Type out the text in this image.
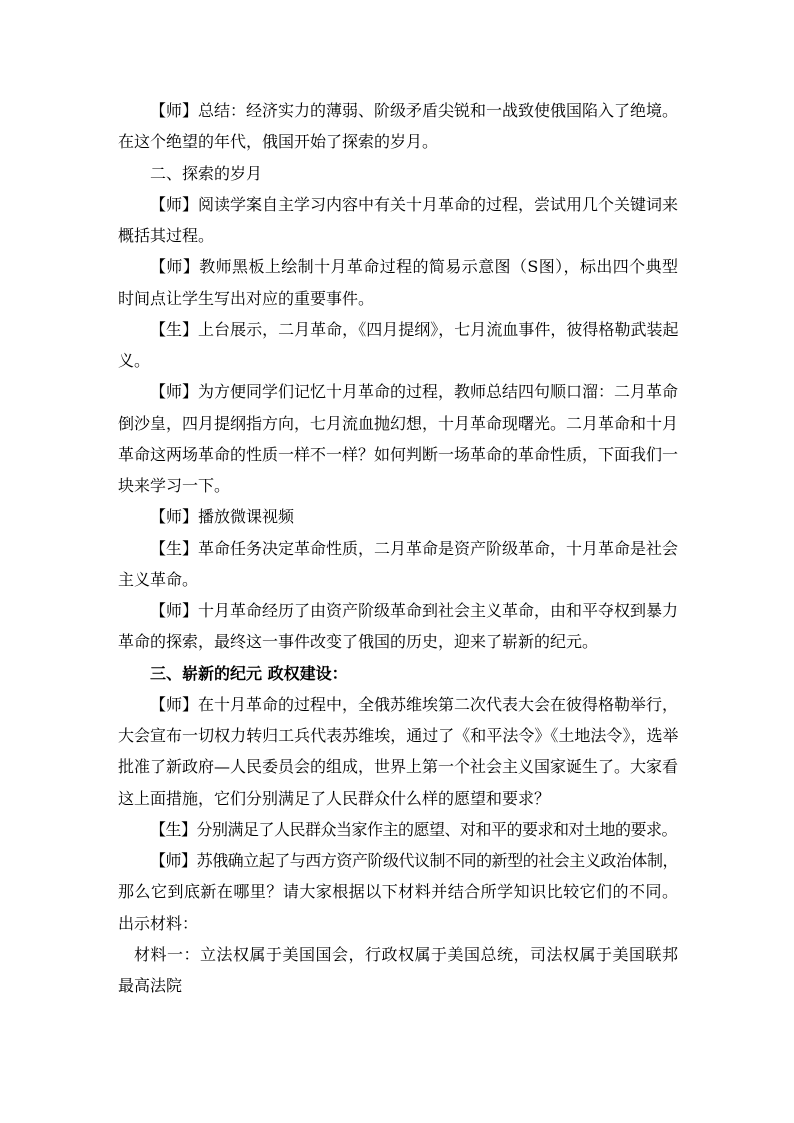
【师】总结：经济实力的薄弱、阶级矛盾尖锐和一战致使俄国陷入了绝境。
在这个绝望的年代，俄国开始了探索的岁月。
二、探索的岁月
【师】阅读学案自主学习内容中有关十月革命的过程，尝试用几个关键词来
概括其过程。
【师】教师黑板上绘制十月革命过程的简易示意图（S图），标出四个典型
时间点让学生写出对应的重要事件。
【生】上台展示，二月革命，《四月提纲》，七月流血事件，彼得格勒武装起
义。
【师】为方便同学们记忆十月革命的过程，教师总结四句顺口溜：二月革命
倒沙皇，四月提纲指方向，七月流血抛幻想，十月革命现曙光。二月革命和十月
革命这两场革命的性质一样不一样？如何判断一场革命的革命性质，下面我们一
块来学习一下。
【师】播放微课视频
【生】革命任务决定革命性质，二月革命是资产阶级革命，十月革命是社会
主义革命。
【师】十月革命经历了由资产阶级革命到社会主义革命，由和平夺权到暴力
革命的探索，最终这一事件改变了俄国的历史，迎来了崭新的纪元。
三、崭新的纪元 政权建设：
【师】在十月革命的过程中，全俄苏维埃第二次代表大会在彼得格勒举行，
大会宣布一切权力转归工兵代表苏维埃，通过了《和平法令》《土地法令》，选举
批准了新政府—人民委员会的组成，世界上第一个社会主义国家诞生了。大家看
这上面措施，它们分别满足了人民群众什么样的愿望和要求？
【生】分别满足了人民群众当家作主的愿望、对和平的要求和对土地的要求。
【师】苏俄确立起了与西方资产阶级代议制不同的新型的社会主义政治体制，
那么它到底新在哪里？请大家根据以下材料并结合所学知识比较它们的不同。
出示材料：
材料一：立法权属于美国国会，行政权属于美国总统，司法权属于美国联邦
最高法院
